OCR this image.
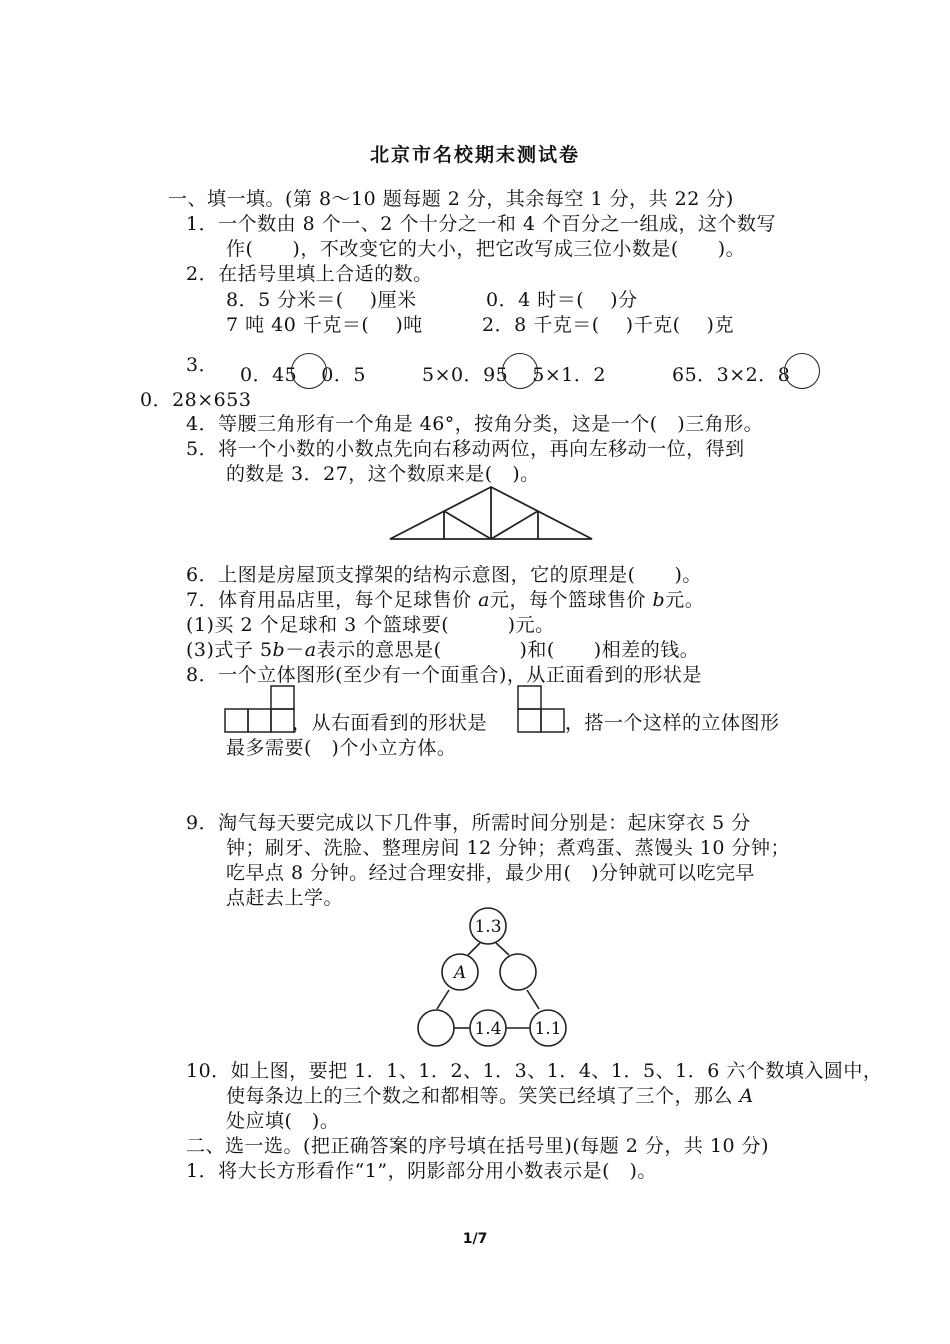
北京市名校期末测试卷
一、填一填。(第 8～10 题每题 2 分，其余每空 1 分，共 22 分)
1．一个数由 8 个一、2 个十分之一和 4 个百分之一组成，这个数写
作(　　)，不改变它的大小，把它改写成三位小数是(　　)。
2．在括号里填上合适的数。
8．5 分米＝(　 )厘米	0．4 时＝(　 )分
7 吨 40 千克＝(　 )吨	2．8 千克＝(　 )千克(　 )克
3． 0．45 0．5	5×0．95 5×1．2	65．3×2．8
0．28×653
4．等腰三角形有一个角是 46°，按角分类，这是一个(　)三角形。
5．将一个小数的小数点先向右移动两位，再向左移动一位，得到
的数是 3．27，这个数原来是(　)。
6．上图是房屋顶支撑架的结构示意图，它的原理是(　　)。
7．体育用品店里，每个足球售价 a元，每个篮球售价 b元。
(1)买 2 个足球和 3 个篮球要(　　　)元。
(3)式子 5b－a表示的意思是(　　　　)和(　　)相差的钱。
8．一个立体图形(至少有一个面重合)，从正面看到的形状是
，从右面看到的形状是	，搭一个这样的立体图形
最多需要(　)个小立方体。
9．淘气每天要完成以下几件事，所需时间分别是：起床穿衣 5 分
钟；刷牙、洗脸、整理房间 12 分钟；煮鸡蛋、蒸馒头 10 分钟；
吃早点 8 分钟。经过合理安排，最少用(　)分钟就可以吃完早
点赶去上学。
1.3
A
1.4 1.1
10．如上图，要把 1．1、1．2、1．3、1．4、1．5、1．6 六个数填入圆中，
使每条边上的三个数之和都相等。笑笑已经填了三个，那么 A
处应填(　)。
二、选一选。(把正确答案的序号填在括号里)(每题 2 分，共 10 分)
1．将大长方形看作“1”，阴影部分用小数表示是(　)。
1/7
